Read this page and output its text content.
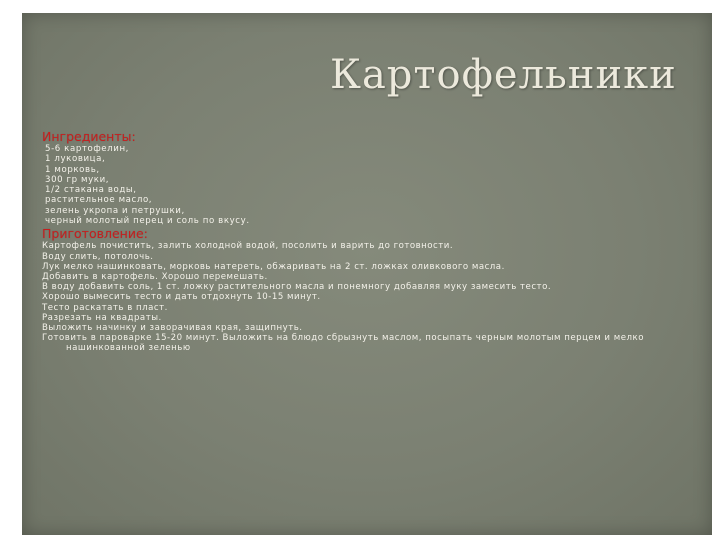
Картофельники
Ингредиенты:
5-6 картофелин,
1 луковица,
1 морковь,
300 гр муки,
1/2 стакана воды,
растительное масло,
зелень укропа и петрушки,
черный молотый перец и соль по вкусу.
Приготовление:
Картофель почистить, залить холодной водой, посолить и варить до готовности.
Воду слить, потолочь.
Лук мелко нашинковать, морковь натереть, обжаривать на 2 ст. ложках оливкового масла.
Добавить в картофель. Хорошо перемешать.
В воду добавить соль, 1 ст. ложку растительного масла и понемногу добавляя муку замесить тесто.
Хорошо вымесить тесто и дать отдохнуть 10-15 минут.
Тесто раскатать в пласт.
Разрезать на квадраты.
Выложить начинку и заворачивая края, защипнуть.
Готовить в пароварке 15-20 минут. Выложить на блюдо сбрызнуть маслом, посыпать черным молотым перцем и мелко нашинкованной зеленью
